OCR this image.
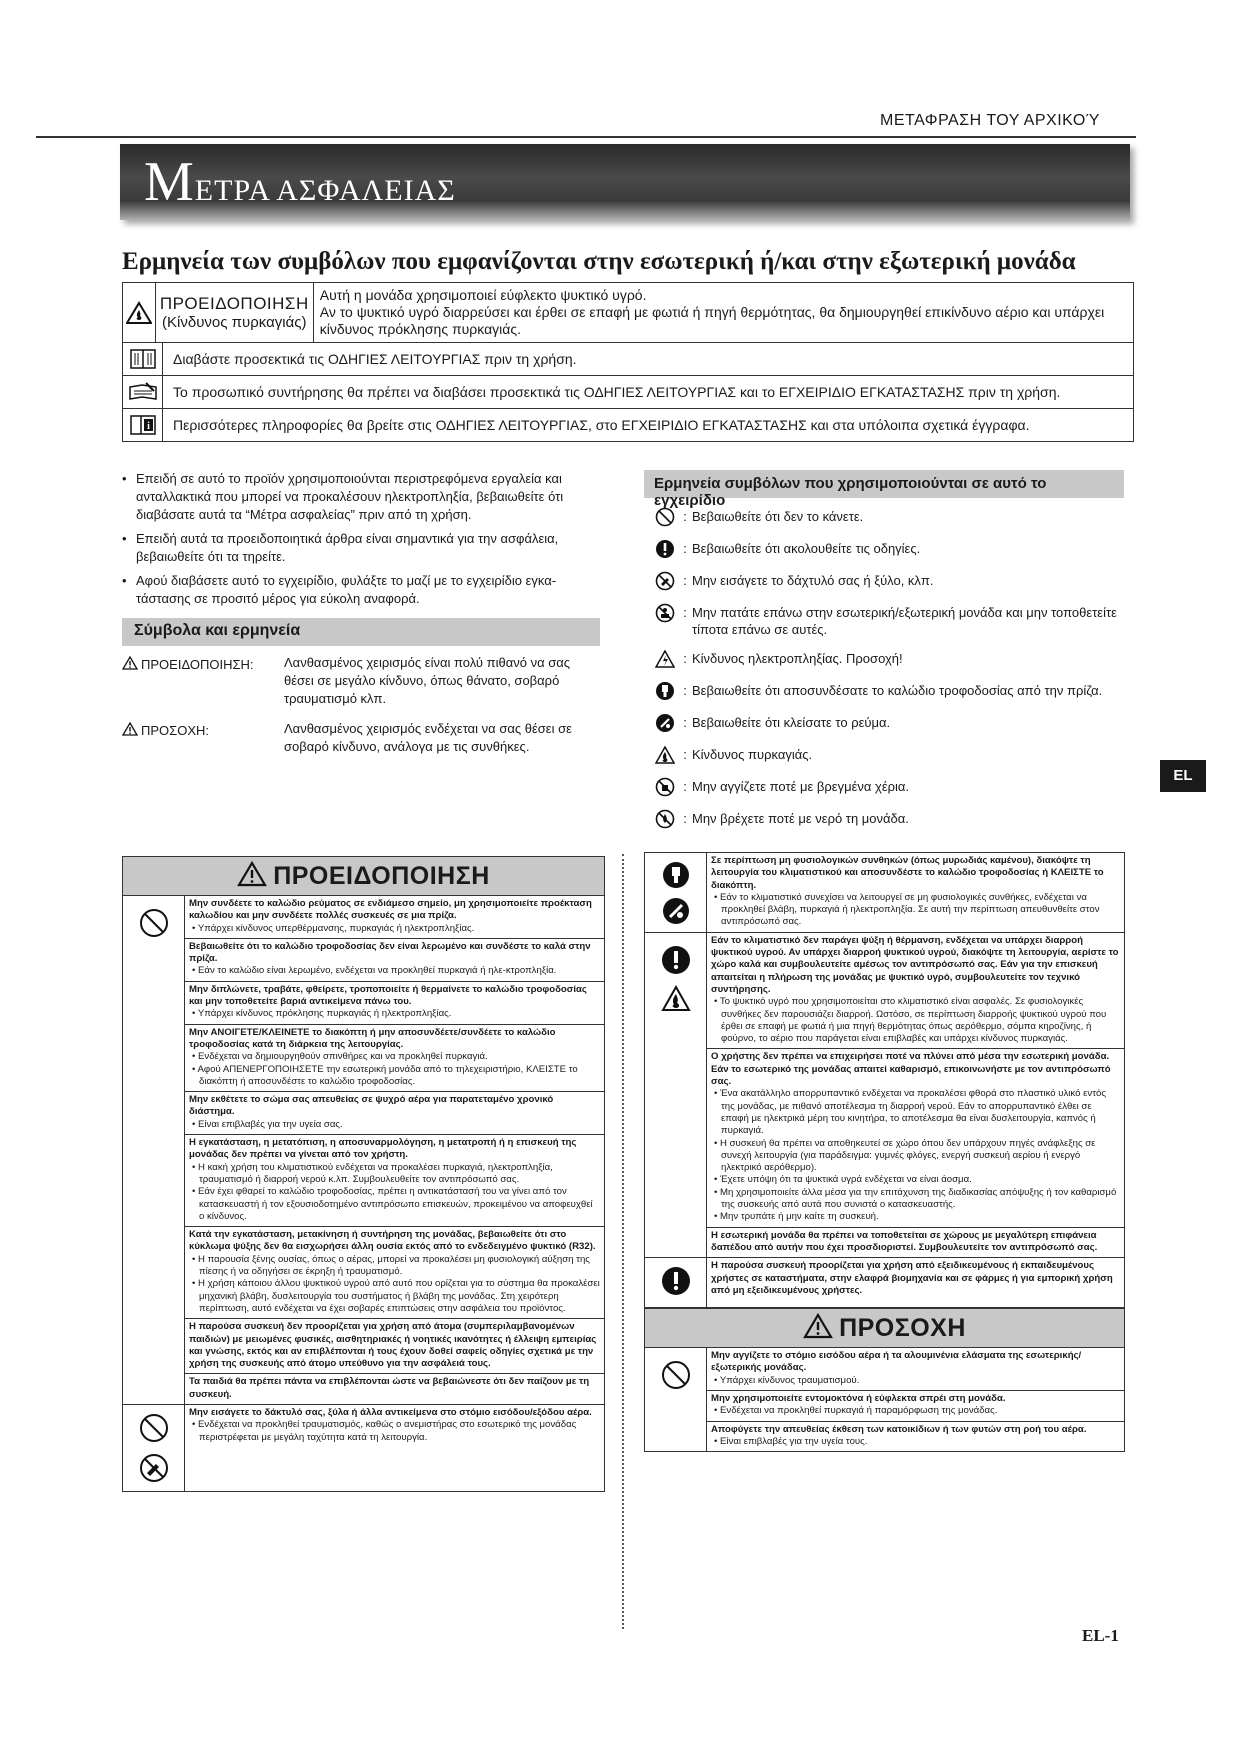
ΜΕΤΑΦΡΑΣΗ ΤΟΥ ΑΡΧΙΚΟΎ
MΕΤΡΑ ΑΣΦΑΛΕΙΑΣ
Ερμηνεία των συμβόλων που εμφανίζονται στην εσωτερική ή/και στην εξωτερική μονάδα
ΠΡΟΕΙΔΟΠΟΙΗΣΗ
(Κίνδυνος πυρκαγιάς)
Αυτή η μονάδα χρησιμοποιεί εύφλεκτο ψυκτικό υγρό.
Αν το ψυκτικό υγρό διαρρεύσει και έρθει σε επαφή με φωτιά ή πηγή θερμότητας, θα δημιουργηθεί επικίνδυνο αέριο και υπάρχει κίνδυνος πρόκλησης πυρκαγιάς.
Διαβάστε προσεκτικά τις ΟΔΗΓΙΕΣ ΛΕΙΤΟΥΡΓΙΑΣ πριν τη χρήση.
Το προσωπικό συντήρησης θα πρέπει να διαβάσει προσεκτικά τις ΟΔΗΓΙΕΣ ΛΕΙΤΟΥΡΓΙΑΣ και το ΕΓΧΕΙΡΙΔΙΟ ΕΓΚΑΤΑΣΤΑΣΗΣ πριν τη χρήση.
i	Περισσότερες πληροφορίες θα βρείτε στις ΟΔΗΓΙΕΣ ΛΕΙΤΟΥΡΓΙΑΣ, στο ΕΓΧΕΙΡΙΔΙΟ ΕΓΚΑΤΑΣΤΑΣΗΣ και στα υπόλοιπα σχετικά έγγραφα.
• Επειδή σε αυτό το προϊόν χρησιμοποιούνται περιστρεφόμενα εργαλεία και ανταλλακτικά που μπορεί να προκαλέσουν ηλεκτροπληξία, βεβαιωθείτε ότι διαβάσατε αυτά τα “Μέτρα ασφαλείας” πριν από τη χρήση.
• Επειδή αυτά τα προειδοποιητικά άρθρα είναι σημαντικά για την ασφάλεια, βεβαιωθείτε ότι τα τηρείτε.
• Αφού διαβάσετε αυτό το εγχειρίδιο, φυλάξτε το μαζί με το εγχειρίδιο εγκα-τάστασης σε προσιτό μέρος για εύκολη αναφορά.
Σύμβολα και ερμηνεία
ΠΡΟΕΙΔΟΠΟΙΗΣΗ: Λανθασμένος χειρισμός είναι πολύ πιθανό να σας θέσει σε μεγάλο κίνδυνο, όπως θάνατο, σοβαρό τραυματισμό κλπ.
ΠΡΟΣΟΧΗ:	Λανθασμένος χειρισμός ενδέχεται να σας θέσει σε σοβαρό κίνδυνο, ανάλογα με τις συνθήκες.
Ερμηνεία συμβόλων που χρησιμοποιούνται σε αυτό το εγχειρίδιο
: Βεβαιωθείτε ότι δεν το κάνετε.
: Βεβαιωθείτε ότι ακολουθείτε τις οδηγίες.
: Μην εισάγετε το δάχτυλό σας ή ξύλο, κλπ.
: Μην πατάτε επάνω στην εσωτερική/εξωτερική μονάδα και μην τοποθετείτε τίποτα επάνω σε αυτές.
: Κίνδυνος ηλεκτροπληξίας. Προσοχή!
: Βεβαιωθείτε ότι αποσυνδέσατε το καλώδιο τροφοδοσίας από την πρίζα.
: Βεβαιωθείτε ότι κλείσατε το ρεύμα.
: Κίνδυνος πυρκαγιάς.
: Μην αγγίζετε ποτέ με βρεγμένα χέρια.
: Μην βρέχετε ποτέ με νερό τη μονάδα.
EL
ΠΡΟΕΙΔΟΠΟΙΗΣΗ
Μην συνδέετε το καλώδιο ρεύματος σε ενδιάμεσο σημείο, μη χρησιμοποιείτε προέκταση καλωδίου και μην συνδέετε πολλές συσκευές σε μια πρίζα.
• Υπάρχει κίνδυνος υπερθέρμανσης, πυρκαγιάς ή ηλεκτροπληξίας.
Βεβαιωθείτε ότι το καλώδιο τροφοδοσίας δεν είναι λερωμένο και συνδέστε το καλά στην πρίζα.
• Εάν το καλώδιο είναι λερωμένο, ενδέχεται να προκληθεί πυρκαγιά ή ηλε-κτροπληξία.
Μην διπλώνετε, τραβάτε, φθείρετε, τροποποιείτε ή θερμαίνετε το καλώδιο τροφοδοσίας και μην τοποθετείτε βαριά αντικείμενα πάνω του.
• Υπάρχει κίνδυνος πρόκλησης πυρκαγιάς ή ηλεκτροπληξίας.
Μην ΑΝΟΙΓΕΤΕ/ΚΛΕΙΝΕΤΕ το διακόπτη ή μην αποσυνδέετε/συνδέετε το καλώδιο τροφοδοσίας κατά τη διάρκεια της λειτουργίας.
• Ενδέχεται να δημιουργηθούν σπινθήρες και να προκληθεί πυρκαγιά.
• Αφού ΑΠΕΝΕΡΓΟΠΟΙΗΣΕΤΕ την εσωτερική μονάδα από το τηλεχειριστήριο, ΚΛΕΙΣΤΕ το διακόπτη ή αποσυνδέστε το καλώδιο τροφοδοσίας.
Μην εκθέτετε το σώμα σας απευθείας σε ψυχρό αέρα για παρατεταμένο χρονικό διάστημα.
• Είναι επιβλαβές για την υγεία σας.
Η εγκατάσταση, η μετατόπιση, η αποσυναρμολόγηση, η μετατροπή ή η επισκευή της μονάδας δεν πρέπει να γίνεται από τον χρήστη.
• Η κακή χρήση του κλιματιστικού ενδέχεται να προκαλέσει πυρκαγιά, ηλεκτροπληξία, τραυματισμό ή διαρροή νερού κ.λπ. Συμβουλευθείτε τον αντιπρόσωπό σας.
• Εάν έχει φθαρεί το καλώδιο τροφοδοσίας, πρέπει η αντικατάστασή του να γίνει από τον κατασκευαστή ή τον εξουσιοδοτημένο αντιπρόσωπο επισκευών, προκειμένου να αποφευχθεί ο κίνδυνος.
Κατά την εγκατάσταση, μετακίνηση ή συντήρηση της μονάδας, βεβαιωθείτε ότι στο κύκλωμα ψύξης δεν θα εισχωρήσει άλλη ουσία εκτός από το ενδεδειγμένο ψυκτικό (R32).
• Η παρουσία ξένης ουσίας, όπως ο αέρας, μπορεί να προκαλέσει μη φυσιολογική αύξηση της πίεσης ή να οδηγήσει σε έκρηξη ή τραυματισμό.
• Η χρήση κάποιου άλλου ψυκτικού υγρού από αυτό που ορίζεται για το σύστημα θα προκαλέσει μηχανική βλάβη, δυσλειτουργία του συστήματος ή βλάβη της μονάδας. Στη χειρότερη περίπτωση, αυτό ενδέχεται να έχει σοβαρές επιπτώσεις στην ασφάλεια του προϊόντος.
Η παρούσα συσκευή δεν προορίζεται για χρήση από άτομα (συμπεριλαμβανομένων παιδιών) με μειωμένες φυσικές, αισθητηριακές ή νοητικές ικανότητες ή έλλειψη εμπειρίας και γνώσης, εκτός και αν επιβλέπονται ή τους έχουν δοθεί σαφείς οδηγίες σχετικά με την χρήση της συσκευής από άτομο υπεύθυνο για την ασφάλειά τους.
Τα παιδιά θα πρέπει πάντα να επιβλέπονται ώστε να βεβαιώνεστε ότι δεν παίζουν με τη συσκευή.
Μην εισάγετε το δάκτυλό σας, ξύλα ή άλλα αντικείμενα στο στόμιο εισόδου/εξόδου αέρα.
• Ενδέχεται να προκληθεί τραυματισμός, καθώς ο ανεμιστήρας στο εσωτερικό της μονάδας περιστρέφεται με μεγάλη ταχύτητα κατά τη λειτουργία.
Σε περίπτωση μη φυσιολογικών συνθηκών (όπως μυρωδιάς καμένου), διακόψτε τη λειτουργία του κλιματιστικού και αποσυνδέστε το καλώδιο τροφοδοσίας ή ΚΛΕΙΣΤΕ το διακόπτη.
• Εάν το κλιματιστικό συνεχίσει να λειτουργεί σε μη φυσιολογικές συνθήκες, ενδέχεται να προκληθεί βλάβη, πυρκαγιά ή ηλεκτροπληξία. Σε αυτή την περίπτωση απευθυνθείτε στον αντιπρόσωπό σας.
Εάν το κλιματιστικό δεν παράγει ψύξη ή θέρμανση, ενδέχεται να υπάρχει διαρροή ψυκτικού υγρού. Αν υπάρχει διαρροή ψυκτικού υγρού, διακόψτε τη λειτουργία, αερίστε το χώρο καλά και συμβουλευτείτε αμέσως τον αντιπρόσωπό σας. Εάν για την επισκευή απαιτείται η πλήρωση της μονάδας με ψυκτικό υγρό, συμβουλευτείτε τον τεχνικό συντήρησης.
• Το ψυκτικό υγρό που χρησιμοποιείται στο κλιματιστικό είναι ασφαλές. Σε φυσιολογικές συνθήκες δεν παρουσιάζει διαρροή. Ωστόσο, σε περίπτωση διαρροής ψυκτικού υγρού που έρθει σε επαφή με φωτιά ή μια πηγή θερμότητας όπως αερόθερμο, σόμπα κηροζίνης, ή φούρνο, το αέριο που παράγεται είναι επιβλαβές και υπάρχει κίνδυνος πυρκαγιάς.
Ο χρήστης δεν πρέπει να επιχειρήσει ποτέ να πλύνει από μέσα την εσωτερική μονάδα. Εάν το εσωτερικό της μονάδας απαιτεί καθαρισμό, επικοινωνήστε με τον αντιπρόσωπό σας.
• Ένα ακατάλληλο απορρυπαντικό ενδέχεται να προκαλέσει φθορά στο πλαστικό υλικό εντός της μονάδας, με πιθανό αποτέλεσμα τη διαρροή νερού. Εάν το απορρυπαντικό έλθει σε επαφή με ηλεκτρικά μέρη του κινητήρα, το αποτέλεσμα θα είναι δυσλειτουργία, καπνός ή πυρκαγιά.
• Η συσκευή θα πρέπει να αποθηκευτεί σε χώρο όπου δεν υπάρχουν πηγές ανάφλεξης σε συνεχή λειτουργία (για παράδειγμα: γυμνές φλόγες, ενεργή συσκευή αερίου ή ενεργό ηλεκτρικό αερόθερμο).
• Έχετε υπόψη ότι τα ψυκτικά υγρά ενδέχεται να είναι άοσμα.
• Μη χρησιμοποιείτε άλλα μέσα για την επιτάχυνση της διαδικασίας απόψυξης ή τον καθαρισμό της συσκευής από αυτά που συνιστά ο κατασκευαστής.
• Μην τρυπάτε ή μην καίτε τη συσκευή.
Η εσωτερική μονάδα θα πρέπει να τοποθετείται σε χώρους με μεγαλύτερη επιφάνεια δαπέδου από αυτήν που έχει προσδιοριστεί. Συμβουλευτείτε τον αντιπρόσωπό σας.
Η παρούσα συσκευή προορίζεται για χρήση από εξειδικευμένους ή εκπαιδευμένους χρήστες σε καταστήματα, στην ελαφρά βιομηχανία και σε φάρμες ή για εμπορική χρήση από μη εξειδικευμένους χρήστες.
ΠΡΟΣΟΧΗ
Μην αγγίζετε το στόμιο εισόδου αέρα ή τα αλουμινένια ελάσματα της εσωτερικής/εξωτερικής μονάδας.
• Υπάρχει κίνδυνος τραυματισμού.
Μην χρησιμοποιείτε εντομοκτόνα ή εύφλεκτα σπρέι στη μονάδα.
• Ενδέχεται να προκληθεί πυρκαγιά ή παραμόρφωση της μονάδας.
Αποφύγετε την απευθείας έκθεση των κατοικίδιων ή των φυτών στη ροή του αέρα.
• Είναι επιβλαβές για την υγεία τους.
EL-1
